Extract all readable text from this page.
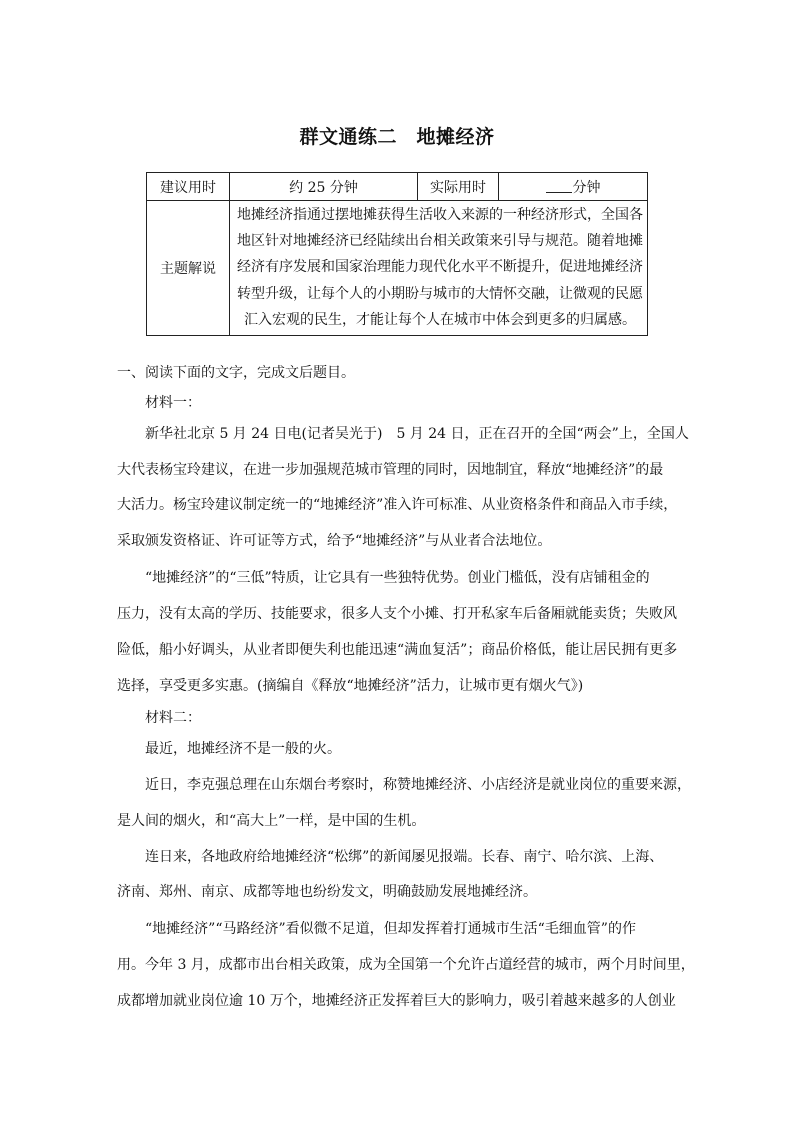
群文通练二　地摊经济
建议用时	约 25 分钟	实际用时	分钟
主题解说	地摊经济指通过摆地摊获得生活收入来源的一种经济形式，全国各
地区针对地摊经济已经陆续出台相关政策来引导与规范。随着地摊
经济有序发展和国家治理能力现代化水平不断提升，促进地摊经济
转型升级，让每个人的小期盼与城市的大情怀交融，让微观的民愿
汇入宏观的民生，才能让每个人在城市中体会到更多的归属感。		
一、阅读下面的文字，完成文后题目。
材料一：
新华社北京 5 月 24 日电(记者吴光于)　5 月 24 日，正在召开的全国“两会”上，全国人
大代表杨宝玲建议，在进一步加强规范城市管理的同时，因地制宜，释放“地摊经济”的最
大活力。杨宝玲建议制定统一的“地摊经济”准入许可标准、从业资格条件和商品入市手续，
采取颁发资格证、许可证等方式，给予“地摊经济”与从业者合法地位。
“地摊经济”的“三低”特质，让它具有一些独特优势。创业门槛低，没有店铺租金的
压力，没有太高的学历、技能要求，很多人支个小摊、打开私家车后备厢就能卖货；失败风
险低，船小好调头，从业者即便失利也能迅速“满血复活”；商品价格低，能让居民拥有更多
选择，享受更多实惠。(摘编自《释放“地摊经济”活力，让城市更有烟火气》)
材料二：
最近，地摊经济不是一般的火。
近日，李克强总理在山东烟台考察时，称赞地摊经济、小店经济是就业岗位的重要来源，
是人间的烟火，和“高大上”一样，是中国的生机。
连日来，各地政府给地摊经济“松绑”的新闻屡见报端。长春、南宁、哈尔滨、上海、
济南、郑州、南京、成都等地也纷纷发文，明确鼓励发展地摊经济。
“地摊经济”“马路经济”看似微不足道，但却发挥着打通城市生活“毛细血管”的作
用。今年 3 月，成都市出台相关政策，成为全国第一个允许占道经营的城市，两个月时间里，
成都增加就业岗位逾 10 万个，地摊经济正发挥着巨大的影响力，吸引着越来越多的人创业
